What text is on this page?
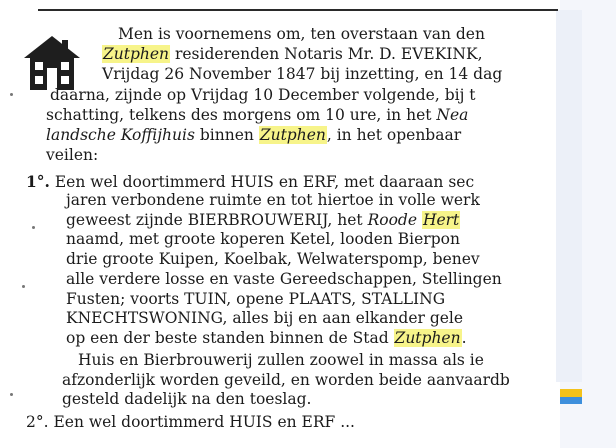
Men is voornemens om, ten overstaan van den
Zutphen residerenden Notaris Mr. D. EVEKINK,
Vrijdag 26 November 1847 bij inzetting, en 14 dag
daarna, zijnde op Vrijdag 10 December volgende, bij t
schatting, telkens des morgens om 10 ure, in het Nea
landsche Koffijhuis binnen Zutphen, in het openbaar
veilen:
1°. Een wel doortimmerd HUIS en ERF, met daaraan sec
jaren verbondene ruimte en tot hiertoe in volle werk
geweest zijnde BIERBROUWERIJ, het Roode Hert
naamd, met groote koperen Ketel, looden Bierpon
drie groote Kuipen, Koelbak, Welwaterspomp, benev
alle verdere losse en vaste Gereedschappen, Stellingen
Fusten; voorts TUIN, opene PLAATS, STALLING
KNECHTSWONING, alles bij en aan elkander gele
op een der beste standen binnen de Stad Zutphen.
Huis en Bierbrouwerij zullen zoowel in massa als ie
afzonderlijk worden geveild, en worden beide aanvaardb
gesteld dadelijk na den toeslag.
2°. Een wel doortimmerd HUIS en ERF ...
